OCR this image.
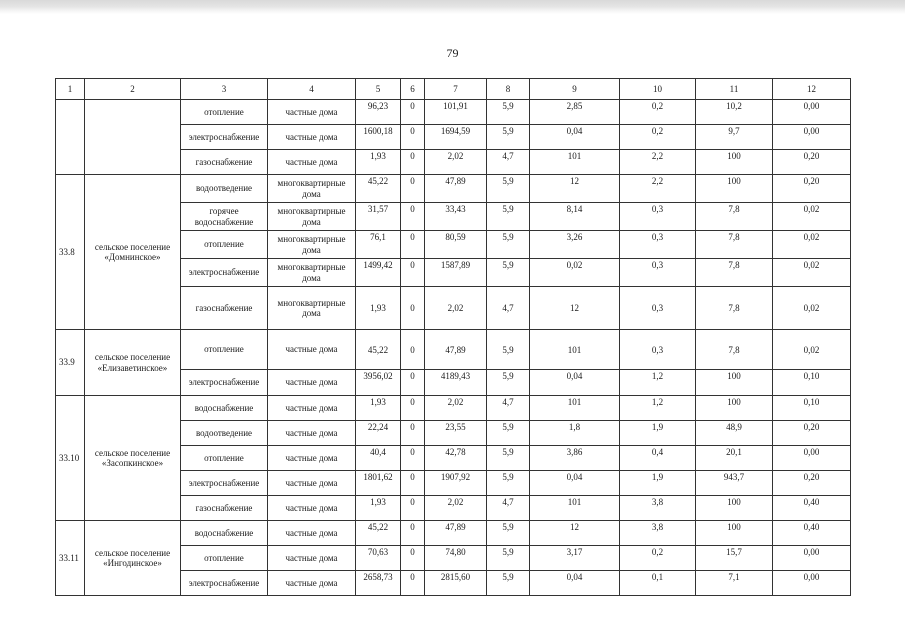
79
1	2	3	4	5	6	7	8	9	10	11	12
		отопление	частные дома	96,23	0	101,91	5,9	2,85	0,2	10,2	0,00
		электроснабжение	частные дома	1600,18	0	1694,59	5,9	0,04	0,2	9,7	0,00
		газоснабжение	частные дома	1,93	0	2,02	4,7	101	2,2	100	0,20
33.8	сельское поселение «Домнинское»	водоотведение	многоквартирные дома	45,22	0	47,89	5,9	12	2,2	100	0,20
		горячее водоснабжение	многоквартирные дома	31,57	0	33,43	5,9	8,14	0,3	7,8	0,02
		отопление	многоквартирные дома	76,1	0	80,59	5,9	3,26	0,3	7,8	0,02
		электроснабжение	многоквартирные дома	1499,42	0	1587,89	5,9	0,02	0,3	7,8	0,02
		газоснабжение	многоквартирные дома	1,93	0	2,02	4,7	12	0,3	7,8	0,02
33.9	сельское поселение «Елизаветинское»	отопление	частные дома	45,22	0	47,89	5,9	101	0,3	7,8	0,02
		электроснабжение	частные дома	3956,02	0	4189,43	5,9	0,04	1,2	100	0,10
33.10	сельское поселение «Засопкинское»	водоснабжение	частные дома	1,93	0	2,02	4,7	101	1,2	100	0,10
		водоотведение	частные дома	22,24	0	23,55	5,9	1,8	1,9	48,9	0,20
		отопление	частные дома	40,4	0	42,78	5,9	3,86	0,4	20,1	0,00
		электроснабжение	частные дома	1801,62	0	1907,92	5,9	0,04	1,9	943,7	0,20
		газоснабжение	частные дома	1,93	0	2,02	4,7	101	3,8	100	0,40
33.11	сельское поселение «Ингодинское»	водоснабжение	частные дома	45,22	0	47,89	5,9	12	3,8	100	0,40
		отопление	частные дома	70,63	0	74,80	5,9	3,17	0,2	15,7	0,00
		электроснабжение	частные дома	2658,73	0	2815,60	5,9	0,04	0,1	7,1	0,00
